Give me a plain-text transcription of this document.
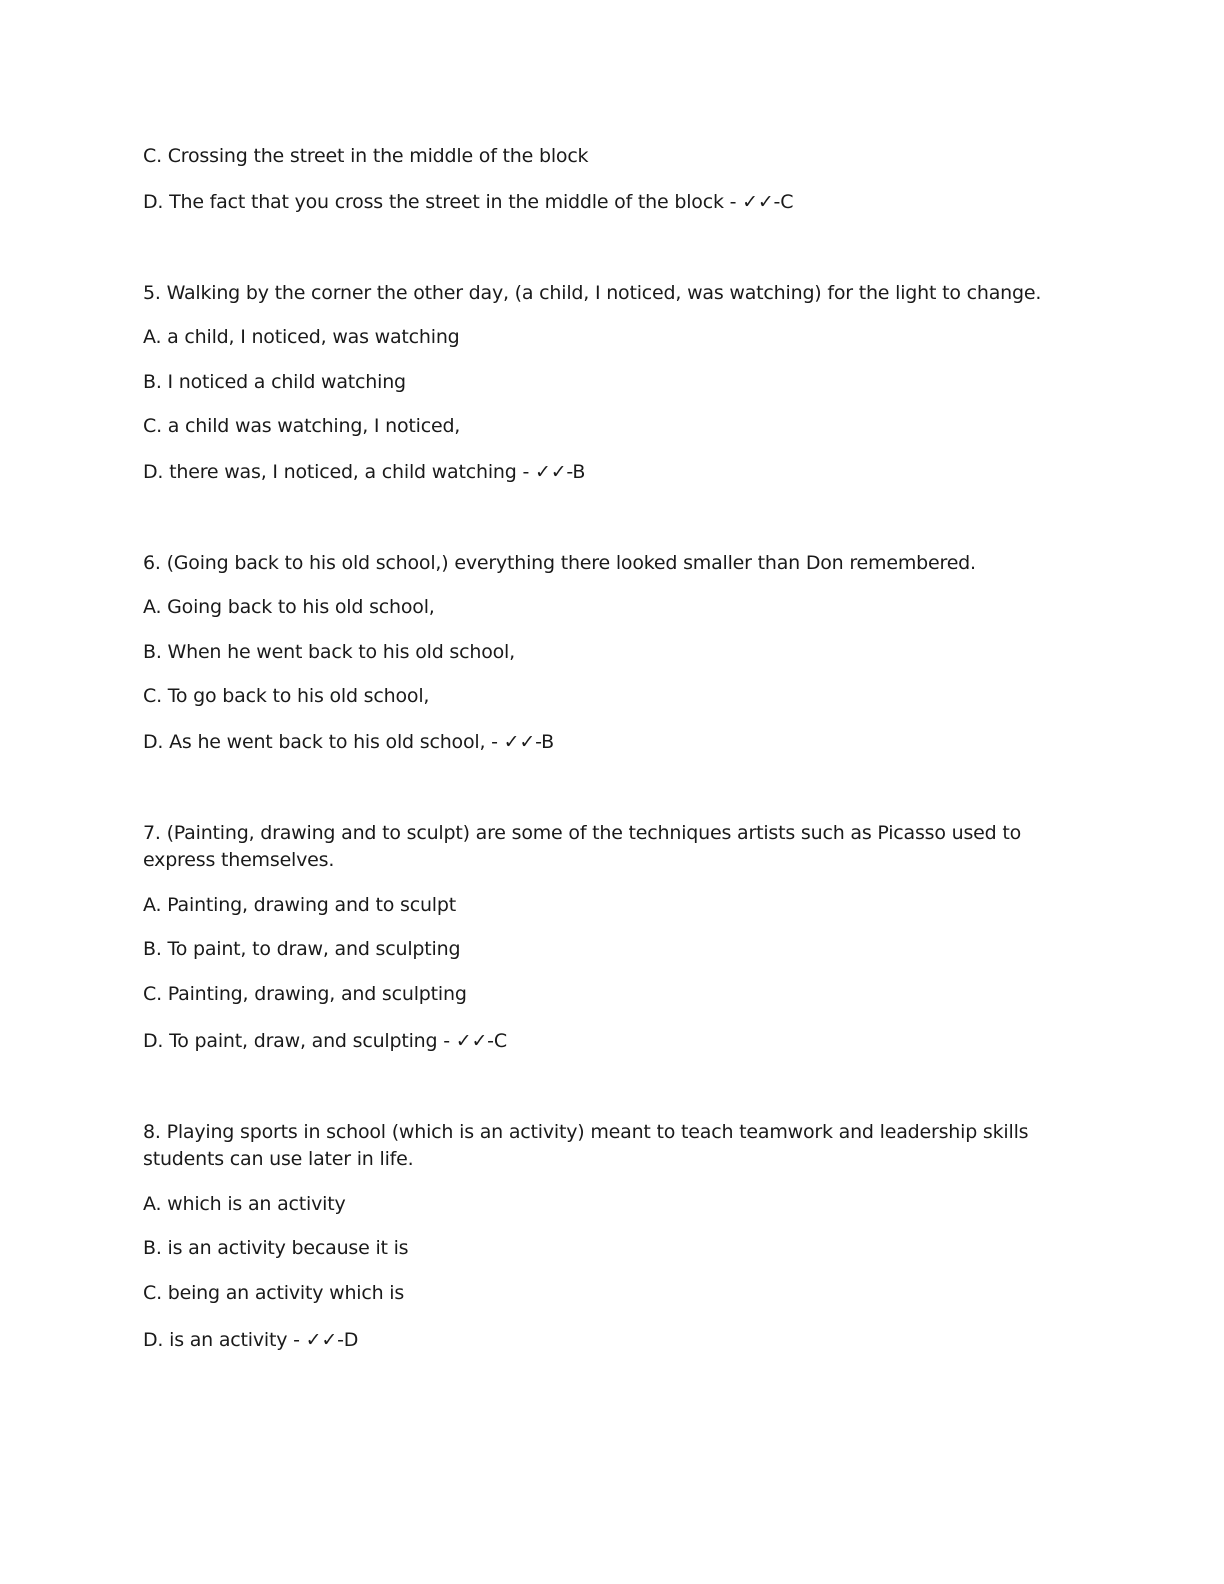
C. Crossing the street in the middle of the block
D. The fact that you cross the street in the middle of the block - ✓✓-C
5. Walking by the corner the other day, (a child, I noticed, was watching) for the light to change.
A. a child, I noticed, was watching
B. I noticed a child watching
C. a child was watching, I noticed,
D. there was, I noticed, a child watching - ✓✓-B
6. (Going back to his old school,) everything there looked smaller than Don remembered.
A. Going back to his old school,
B. When he went back to his old school,
C. To go back to his old school,
D. As he went back to his old school, - ✓✓-B
7. (Painting, drawing and to sculpt) are some of the techniques artists such as Picasso used to express themselves.
A. Painting, drawing and to sculpt
B. To paint, to draw, and sculpting
C. Painting, drawing, and sculpting
D. To paint, draw, and sculpting - ✓✓-C
8. Playing sports in school (which is an activity) meant to teach teamwork and leadership skills students can use later in life.
A. which is an activity
B. is an activity because it is
C. being an activity which is
D. is an activity - ✓✓-D
